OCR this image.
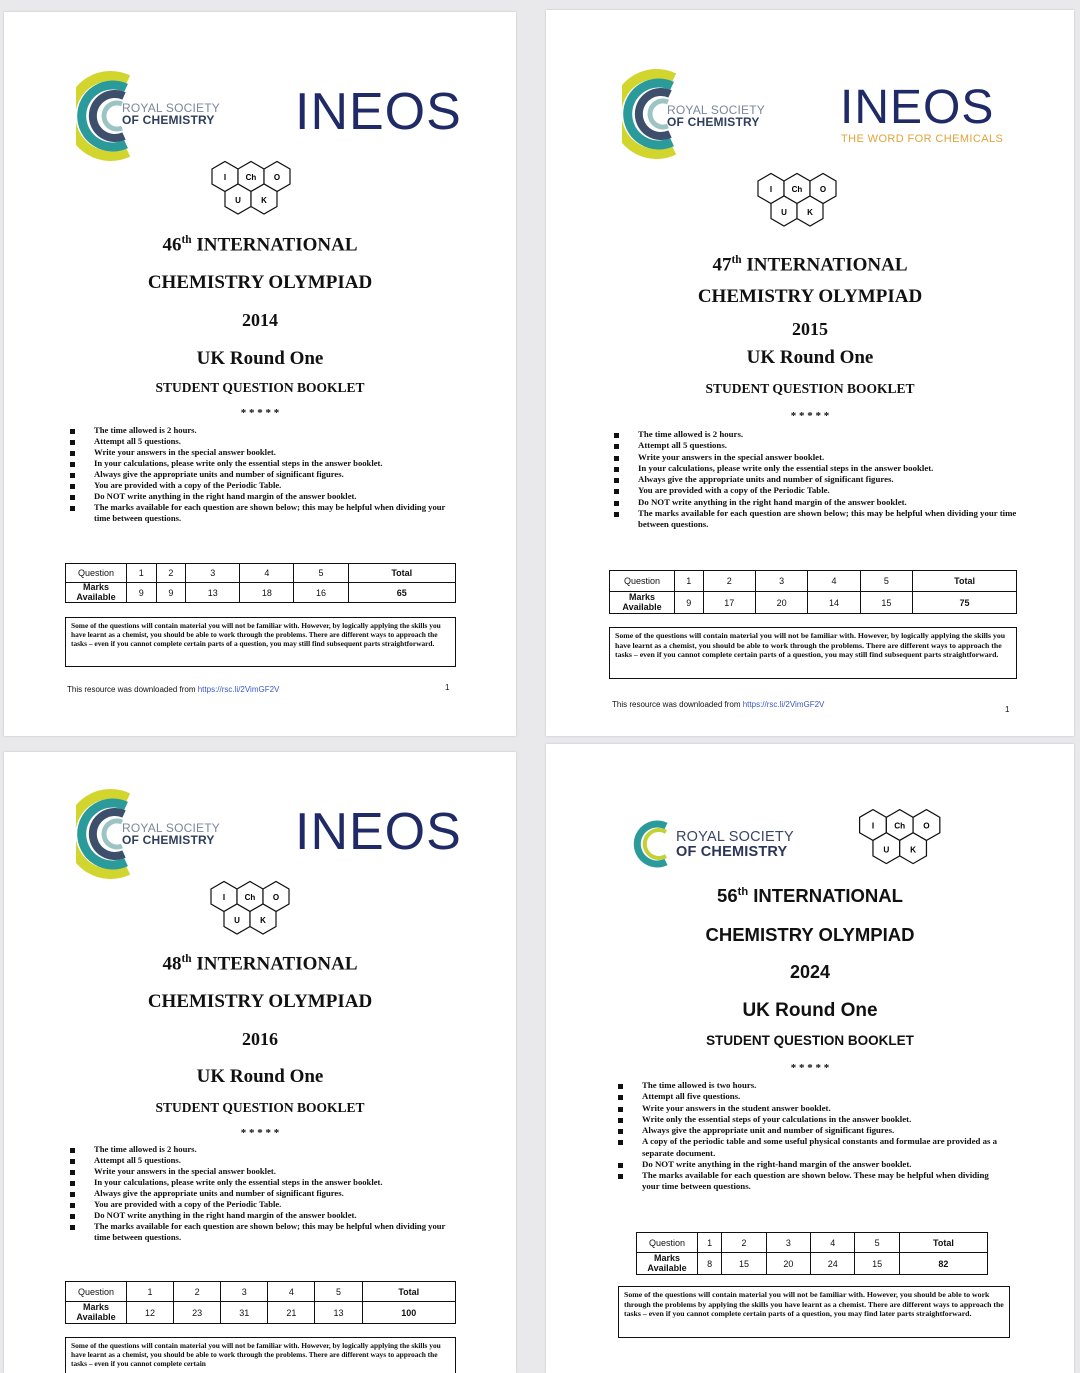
ROYAL SOCIETY
OF CHEMISTRY INEOS
I Ch O
U	K
46th INTERNATIONAL
CHEMISTRY OLYMPIAD
2014
UK Round One
STUDENT QUESTION BOOKLET
* * * * *
The time allowed is 2 hours.
Attempt all 5 questions.
Write your answers in the special answer booklet.
In your calculations, please write only the essential steps in the answer booklet.
Always give the appropriate units and number of significant figures.
You are provided with a copy of the Periodic Table.
Do NOT write anything in the right hand margin of the answer booklet.
The marks available for each question are shown below; this may be helpful when dividing your time between questions.
Question	1	2	3	4	5	Total
Marks Available	9	9	13	18	16	65
Some of the questions will contain material you will not be familiar with. However, by logically applying the skills you have learnt as a chemist, you should be able to work through the problems. There are different ways to approach the tasks – even if you cannot complete certain parts of a question, you may still find subsequent parts straightforward.
This resource was downloaded from https://rsc.li/2VimGF2V	1
ROYAL SOCIETY
OF CHEMISTRY INEOS
THE WORD FOR CHEMICALS
I Ch O
U	K
47th INTERNATIONAL
CHEMISTRY OLYMPIAD
2015
UK Round One
STUDENT QUESTION BOOKLET
* * * * *
The time allowed is 2 hours.
Attempt all 5 questions.
Write your answers in the special answer booklet.
In your calculations, please write only the essential steps in the answer booklet.
Always give the appropriate units and number of significant figures.
You are provided with a copy of the Periodic Table.
Do NOT write anything in the right hand margin of the answer booklet.
The marks available for each question are shown below; this may be helpful when dividing your time between questions.
Question	1	2	3	4	5	Total
Marks Available	9	17	20	14	15	75
Some of the questions will contain material you will not be familiar with. However, by logically applying the skills you have learnt as a chemist, you should be able to work through the problems. There are different ways to approach the tasks – even if you cannot complete certain parts of a question, you may still find subsequent parts straightforward.
This resource was downloaded from https://rsc.li/2VimGF2V
1
ROYAL SOCIETY
OF CHEMISTRY INEOS
I Ch O
U	K
48th INTERNATIONAL
CHEMISTRY OLYMPIAD
2016
UK Round One
STUDENT QUESTION BOOKLET
* * * * *
The time allowed is 2 hours.
Attempt all 5 questions.
Write your answers in the special answer booklet.
In your calculations, please write only the essential steps in the answer booklet.
Always give the appropriate units and number of significant figures.
You are provided with a copy of the Periodic Table.
Do NOT write anything in the right hand margin of the answer booklet.
The marks available for each question are shown below; this may be helpful when dividing your time between questions.
Question	1	2	3	4	5	Total
Marks Available	12	23	31	21	13	100
Some of the questions will contain material you will not be familiar with. However, by logically applying the skills you have learnt as a chemist, you should be able to work through the problems. There are different ways to approach the tasks – even if you cannot complete certain
ROYAL SOCIETY
OF CHEMISTRY
I	Ch O
U	K
56th INTERNATIONAL
CHEMISTRY OLYMPIAD
2024
UK Round One
STUDENT QUESTION BOOKLET
* * * * *
The time allowed is two hours.
Attempt all five questions.
Write your answers in the student answer booklet.
Write only the essential steps of your calculations in the answer booklet.
Always give the appropriate unit and number of significant figures.
A copy of the periodic table and some useful physical constants and formulae are provided as a separate document.
Do NOT write anything in the right-hand margin of the answer booklet.
The marks available for each question are shown below. These may be helpful when dividing your time between questions.
Question	1	2	3	4	5	Total
Marks Available	8	15	20	24	15	82
Some of the questions will contain material you will not be familiar with. However, you should be able to work through the problems by applying the skills you have learnt as a chemist. There are different ways to approach the tasks – even if you cannot complete certain parts of a question, you may find later parts straightforward.
